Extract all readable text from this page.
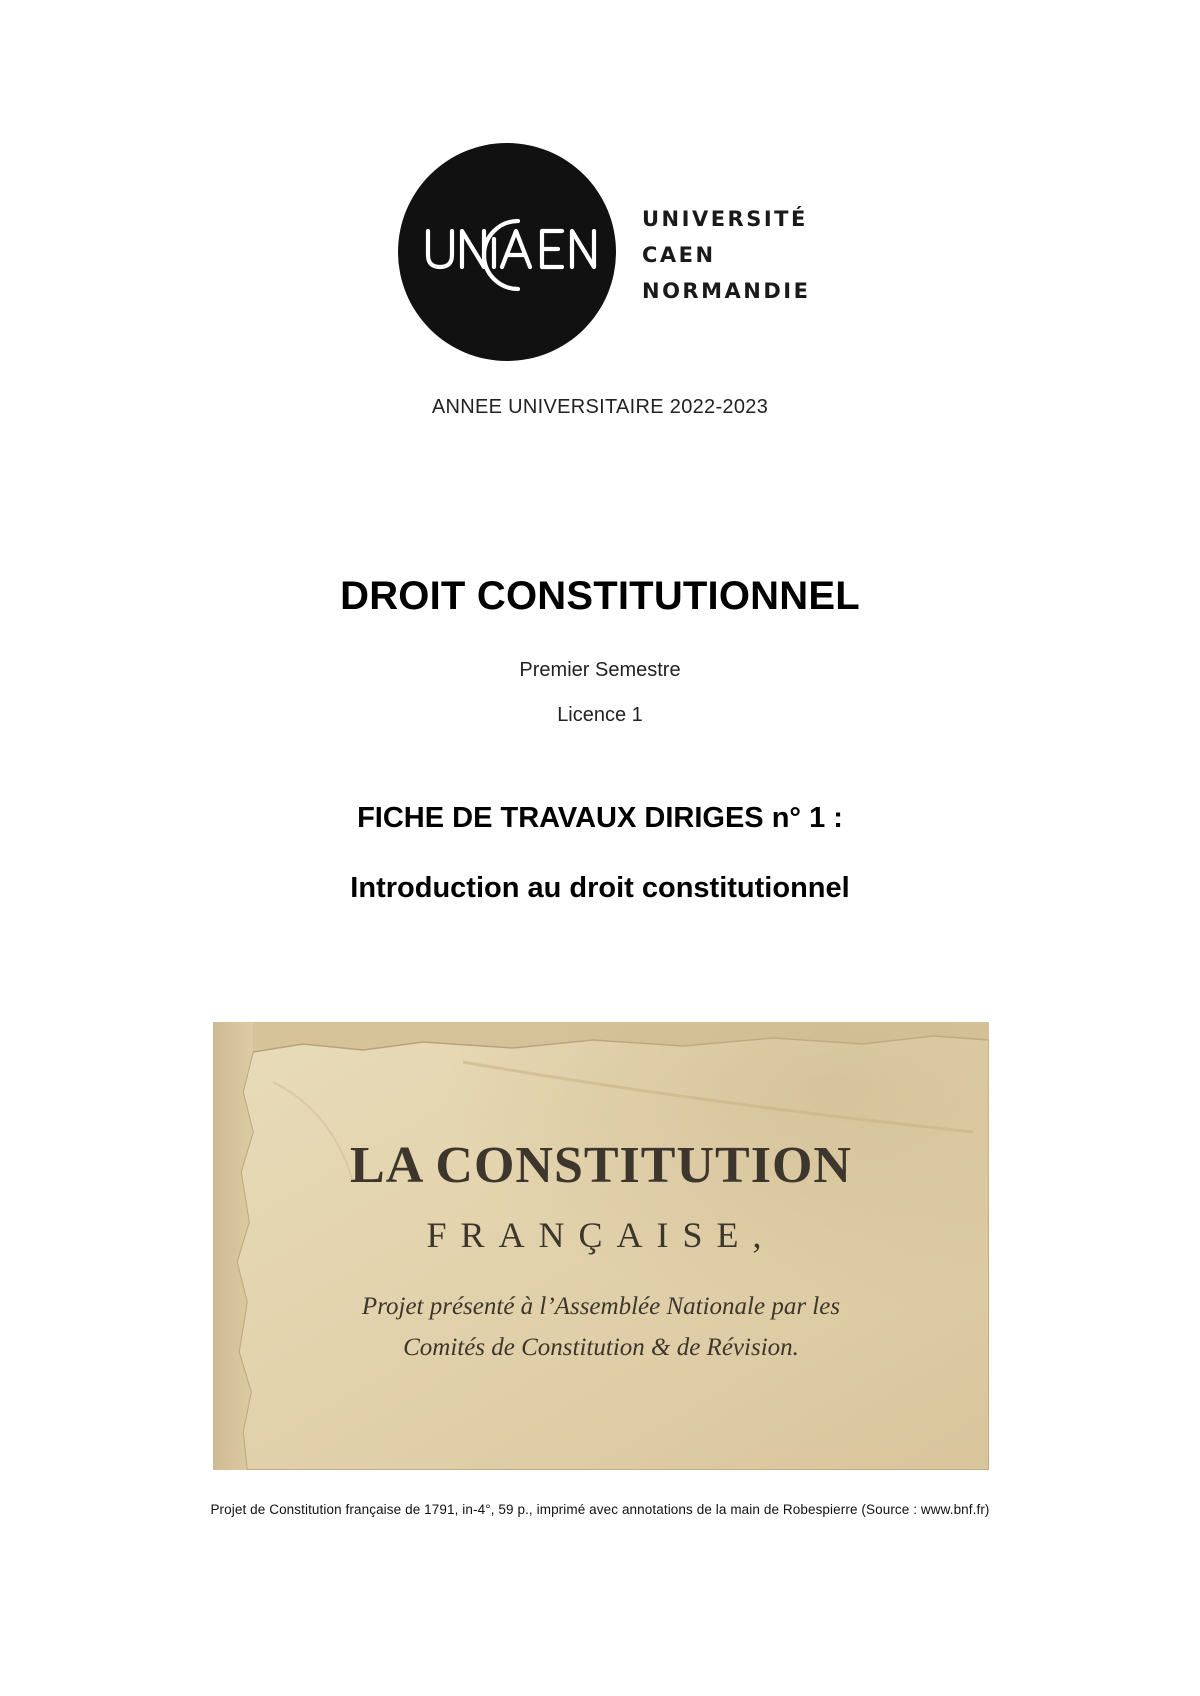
UNIVERSITÉ
CAEN
NORMANDIE
ANNEE UNIVERSITAIRE 2022-2023
DROIT CONSTITUTIONNEL
Premier Semestre
Licence 1
FICHE DE TRAVAUX DIRIGES n° 1 :
Introduction au droit constitutionnel
LA CONSTITUTION
FRANÇAISE,
Projet présenté à l’Assemblée Nationale par les
Comités de Constitution & de Révision.
Projet de Constitution française de 1791, in-4°, 59 p., imprimé avec annotations de la main de Robespierre (Source : www.bnf.fr)
